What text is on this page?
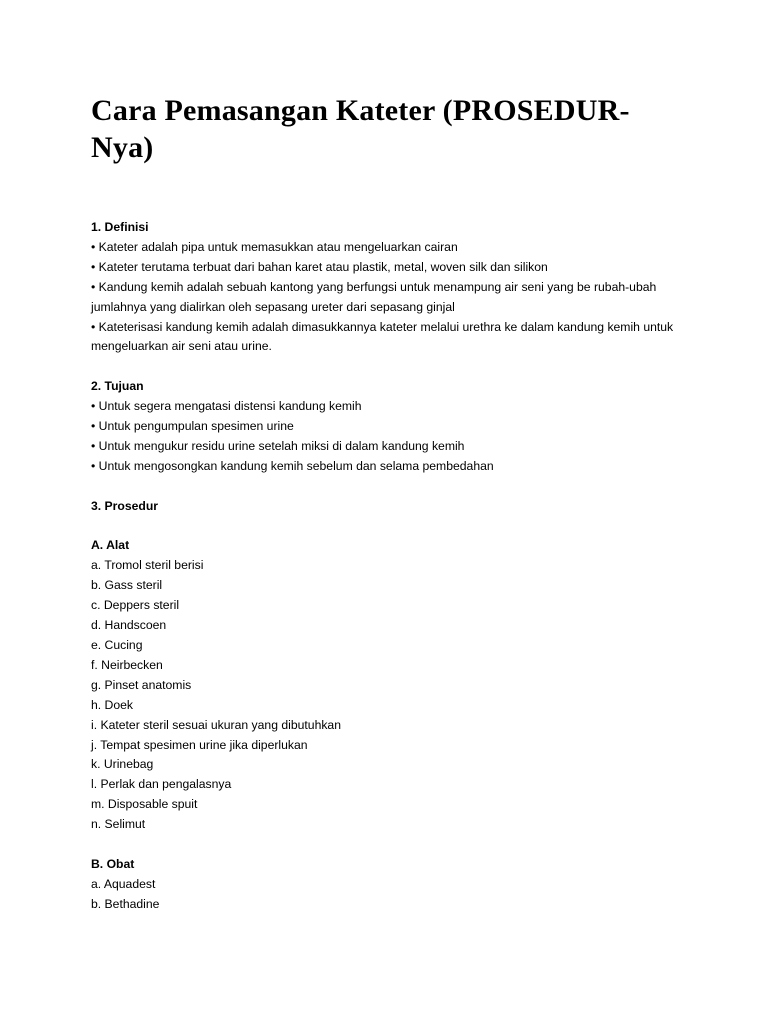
Cara Pemasangan Kateter (PROSEDUR-Nya)
1. Definisi
• Kateter adalah pipa untuk memasukkan atau mengeluarkan cairan
• Kateter terutama terbuat dari bahan karet atau plastik, metal, woven silk dan silikon
• Kandung kemih adalah sebuah kantong yang berfungsi untuk menampung air seni yang be rubah-ubah jumlahnya yang dialirkan oleh sepasang ureter dari sepasang ginjal
• Kateterisasi kandung kemih adalah dimasukkannya kateter melalui urethra ke dalam kandung kemih untuk mengeluarkan air seni atau urine.
2. Tujuan
• Untuk segera mengatasi distensi kandung kemih
• Untuk pengumpulan spesimen urine
• Untuk mengukur residu urine setelah miksi di dalam kandung kemih
• Untuk mengosongkan kandung kemih sebelum dan selama pembedahan
3. Prosedur
A. Alat
a. Tromol steril berisi
b. Gass steril
c. Deppers steril
d. Handscoen
e. Cucing
f. Neirbecken
g. Pinset anatomis
h. Doek
i. Kateter steril sesuai ukuran yang dibutuhkan
j. Tempat spesimen urine jika diperlukan
k. Urinebag
l. Perlak dan pengalasnya
m. Disposable spuit
n. Selimut
B. Obat
a. Aquadest
b. Bethadine
